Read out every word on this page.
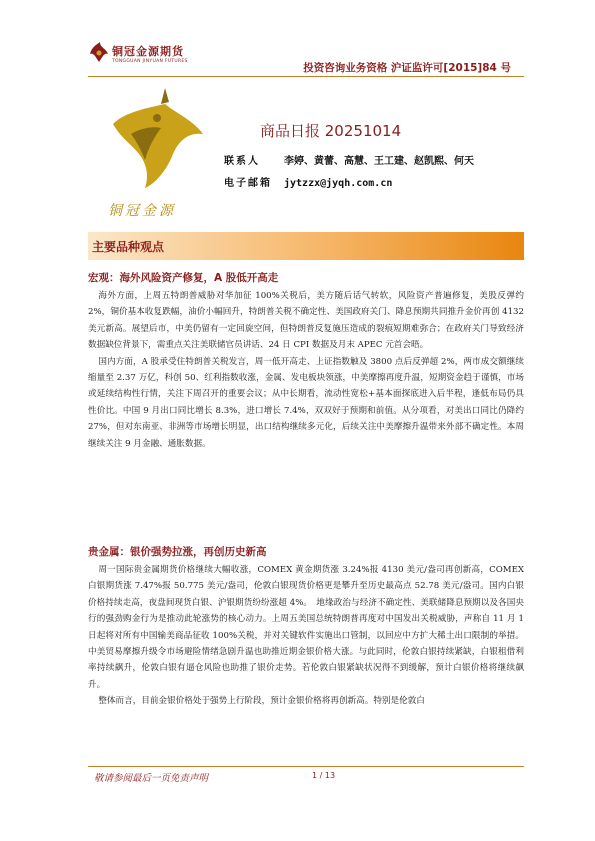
铜冠金源期货
TONGGUAN JINYUAN FUTURES
投资咨询业务资格 沪证监许可[2015]84 号
铜冠金源
商品日报 20251014
联系人 李婷、黄蕾、高慧、王工建、赵凯熙、何天
电子邮箱 jytzzx@jyqh.com.cn
主要品种观点
宏观：海外风险资产修复，A 股低开高走

海外方面，上周五特朗普威胁对华加征 100%关税后，美方随后话气转软，风险资产普遍修复，美股反弹约 2%，铜价基本收复跌幅，油价小幅回升，特朗普关税不确定性、美国政府关门、降息预期共同推升金价再创 4132 美元新高。展望后市，中美仍留有一定回旋空间，但特朗普反复施压造成的裂痕短期难弥合；在政府关门导致经济数据缺位背景下，需重点关注美联储官员讲话、24 日 CPI 数据及月末 APEC 元首会晤。

国内方面，A 股承受住特朗普关税发言，周一低开高走、上证指数触及 3800 点后反弹超 2%，两市成交额继续缩量至 2.37 万亿，科创 50、红利指数收涨，金属、发电板块领涨，中美摩擦再度升温，短期资金趋于谨慎，市场或延续结构性行情，关注下周召开的重要会议；从中长期看，流动性宽松+基本面探底进入后半程，逢低布局仍具性价比。中国 9 月出口同比增长 8.3%，进口增长 7.4%，双双好于预期和前值。从分项看，对美出口同比仍降约 27%，但对东南亚、非洲等市场增长明显，出口结构继续多元化，后续关注中美摩擦升温带来外部不确定性。本周继续关注 9 月金融、通胀数据。

贵金属：银价强势拉涨，再创历史新高

周一国际贵金属期货价格继续大幅收涨，COMEX 黄金期货涨 3.24%报 4130 美元/盎司再创新高，COMEX 白银期货涨 7.47%报 50.775 美元/盎司，伦敦白银现货价格更是攀升至历史最高点 52.78 美元/盎司。国内白银价格持续走高，夜盘间现货白银、沪银期货纷纷涨超 4%。　地缘政治与经济不确定性、美联储降息预期以及各国央行的强劲购金行为是推动此轮涨势的核心动力。上周五美国总统特朗普再度对中国发出关税威胁，声称自 11 月 1 日起将对所有中国输美商品征收 100%关税，并对关键软件实施出口管制，以回应中方扩大稀土出口限制的举措。中美贸易摩擦升级令市场避险情绪急剧升温也助推近期金银价格大涨。与此同时，伦敦白银持续紧缺，白银租借利率持续飙升，伦敦白银有逼仓风险也助推了银价走势。若伦敦白银紧缺状况得不到缓解，预计白银价格将继续飙升。

整体而言，目前金银价格处于强势上行阶段，预计金银价格将再创新高。特别是伦敦白

敬请参阅最后一页免责声明	1 / 13
